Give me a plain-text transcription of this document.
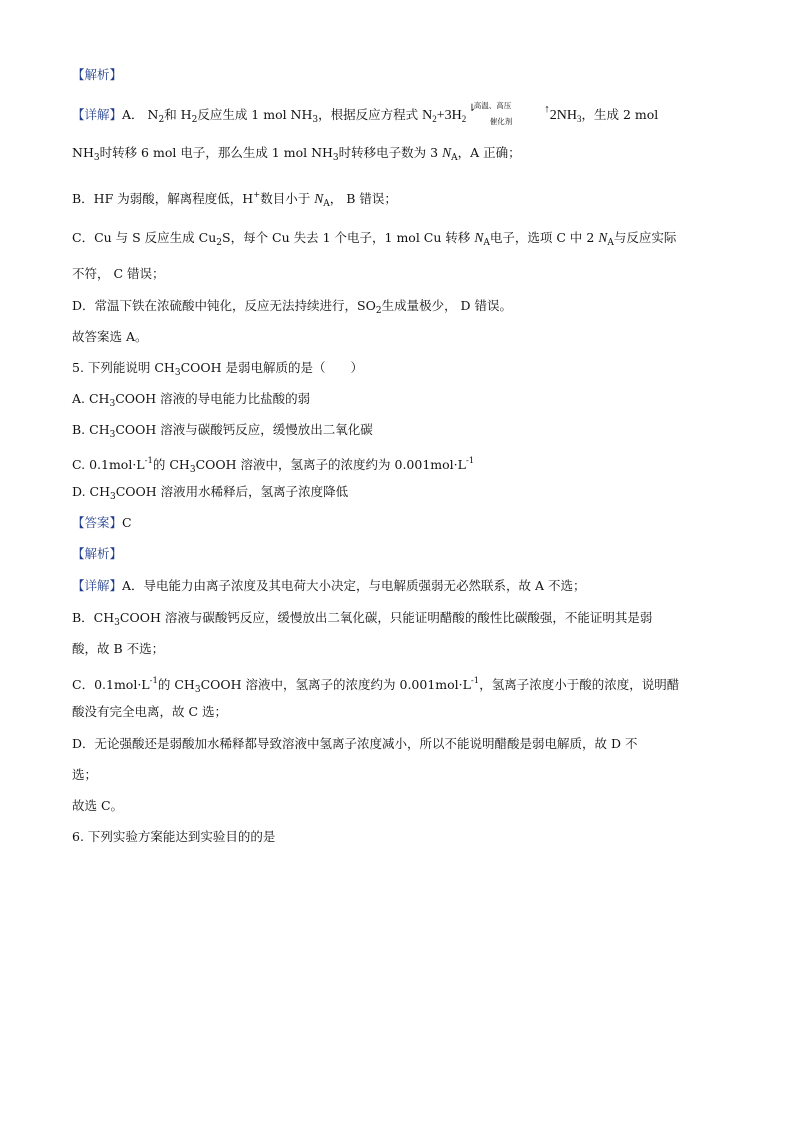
【解析】
【详解】A． $N_2$和 $H_2$反应生成 1 mol $NH_3$，根据反应方程式 $N_2+3H_2$
⇂
高温、高压
催化剂
↑ $2NH_3$，生成 2 mol
$NH_3$时转移 6 mol 电子，那么生成 1 mol $NH_3$时转移电子数为 3 $N_A$，A 正确；
B．HF 为弱酸，解离程度低，H+数目小于 $N_A$， B 错误；
C．Cu 与 S 反应生成 $Cu_2S$，每个 Cu 失去 1 个电子，1 mol Cu 转移 $N_A$电子，选项 C 中 2 $N_A$与反应实际
不符， C 错误；
D．常温下铁在浓硫酸中钝化，反应无法持续进行，$SO_2$生成量极少， D 错误。
故答案选 A。
5. 下列能说明 $CH_3COOH$ 是弱电解质的是（　　）
A. $CH_3COOH$ 溶液的导电能力比盐酸的弱
B. $CH_3COOH$ 溶液与碳酸钙反应，缓慢放出二氧化碳
C. $0.1mol\cdot L^{-1}$的 $CH_3COOH$ 溶液中，氢离子的浓度约为 $0.001mol\cdot L^{-1}$
D. $CH_3COOH$ 溶液用水稀释后，氢离子浓度降低
【答案】C
【解析】
【详解】A．导电能力由离子浓度及其电荷大小决定，与电解质强弱无必然联系，故 A 不选；
B．$CH_3COOH$ 溶液与碳酸钙反应，缓慢放出二氧化碳，只能证明醋酸的酸性比碳酸强，不能证明其是弱
酸，故 B 不选；
C．$0.1mol\cdot L^{-1}$的 $CH_3COOH$ 溶液中，氢离子的浓度约为 $0.001mol\cdot L^{-1}$，氢离子浓度小于酸的浓度，说明醋
酸没有完全电离，故 C 选；
D．无论强酸还是弱酸加水稀释都导致溶液中氢离子浓度减小，所以不能说明醋酸是弱电解质，故 D 不
选；
故选 C。
6. 下列实验方案能达到实验目的的是
